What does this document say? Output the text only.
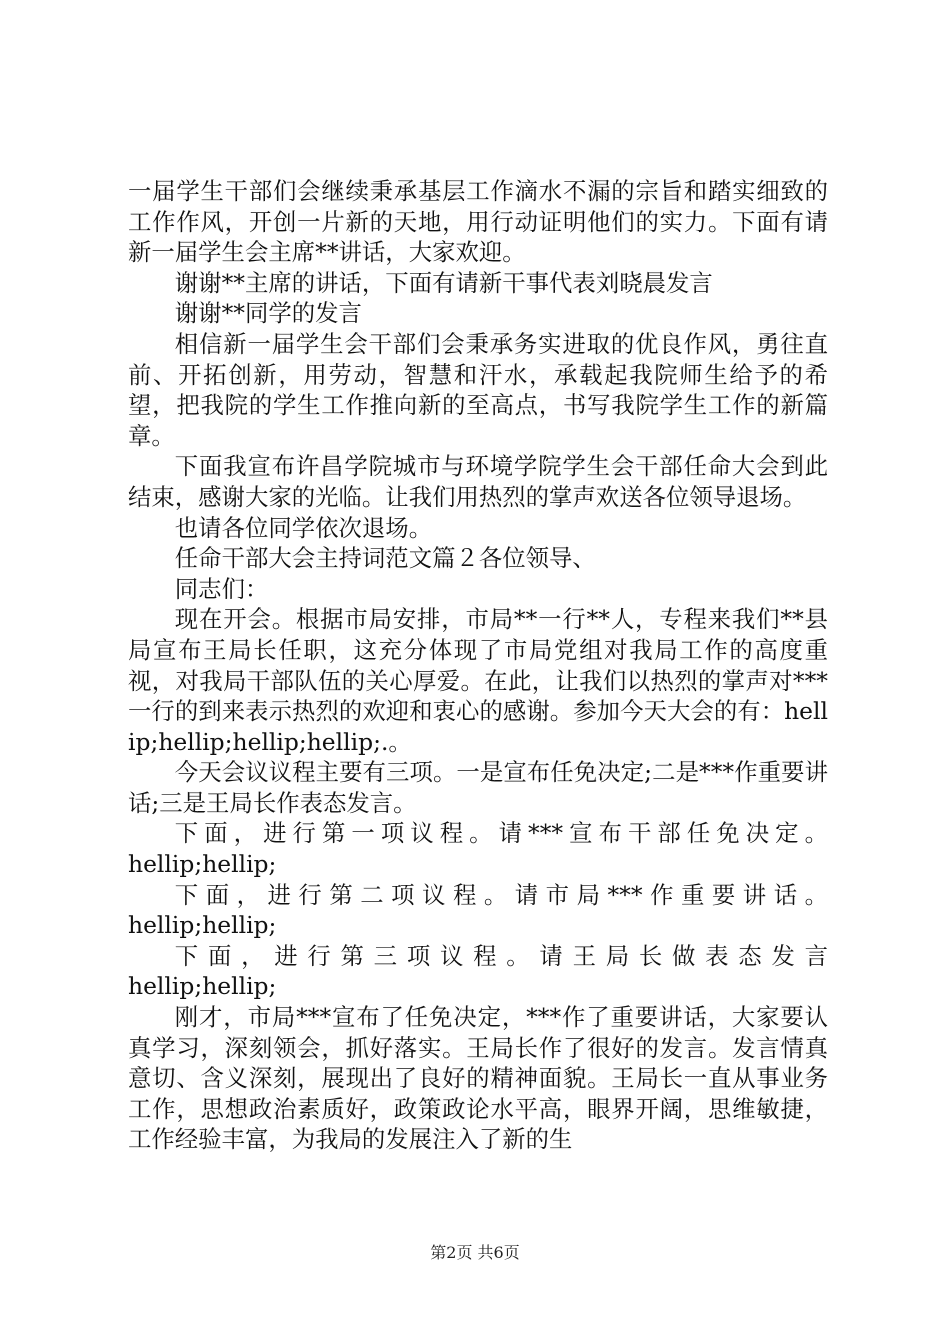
一届学生干部们会继续秉承基层工作滴水不漏的宗旨和踏实细致的工作作风，开创一片新的天地，用行动证明他们的实力。下面有请新一届学生会主席**讲话，大家欢迎。

谢谢**主席的讲话，下面有请新干事代表刘晓晨发言

谢谢**同学的发言

相信新一届学生会干部们会秉承务实进取的优良作风，勇往直前、开拓创新，用劳动，智慧和汗水，承载起我院师生给予的希望，把我院的学生工作推向新的至高点，书写我院学生工作的新篇章。

下面我宣布许昌学院城市与环境学院学生会干部任命大会到此结束，感谢大家的光临。让我们用热烈的掌声欢送各位领导退场。

也请各位同学依次退场。

任命干部大会主持词范文篇２各位领导、

同志们：

现在开会。根据市局安排，市局**一行**人，专程来我们**县局宣布王局长任职，这充分体现了市局党组对我局工作的高度重视，对我局干部队伍的关心厚爱。在此，让我们以热烈的掌声对***一行的到来表示热烈的欢迎和衷心的感谢。参加今天大会的有：hellip;hellip;hellip;hellip;.。

今天会议议程主要有三项。一是宣布任免决定;二是***作重要讲话;三是王局长作表态发言。

下面，进行第一项议程。请***宣布干部任免决定。

hellip;hellip;

下面，进行第二项议程。请市局***作重要讲话。

hellip;hellip;

下面，进行第三项议程。请王局长做表态发言

hellip;hellip;

刚才，市局***宣布了任免决定，***作了重要讲话，大家要认真学习，深刻领会，抓好落实。王局长作了很好的发言。发言情真意切、含义深刻，展现出了良好的精神面貌。王局长一直从事业务工作，思想政治素质好，政策政论水平高，眼界开阔，思维敏捷，工作经验丰富，为我局的发展注入了新的生

第2页 共6页
